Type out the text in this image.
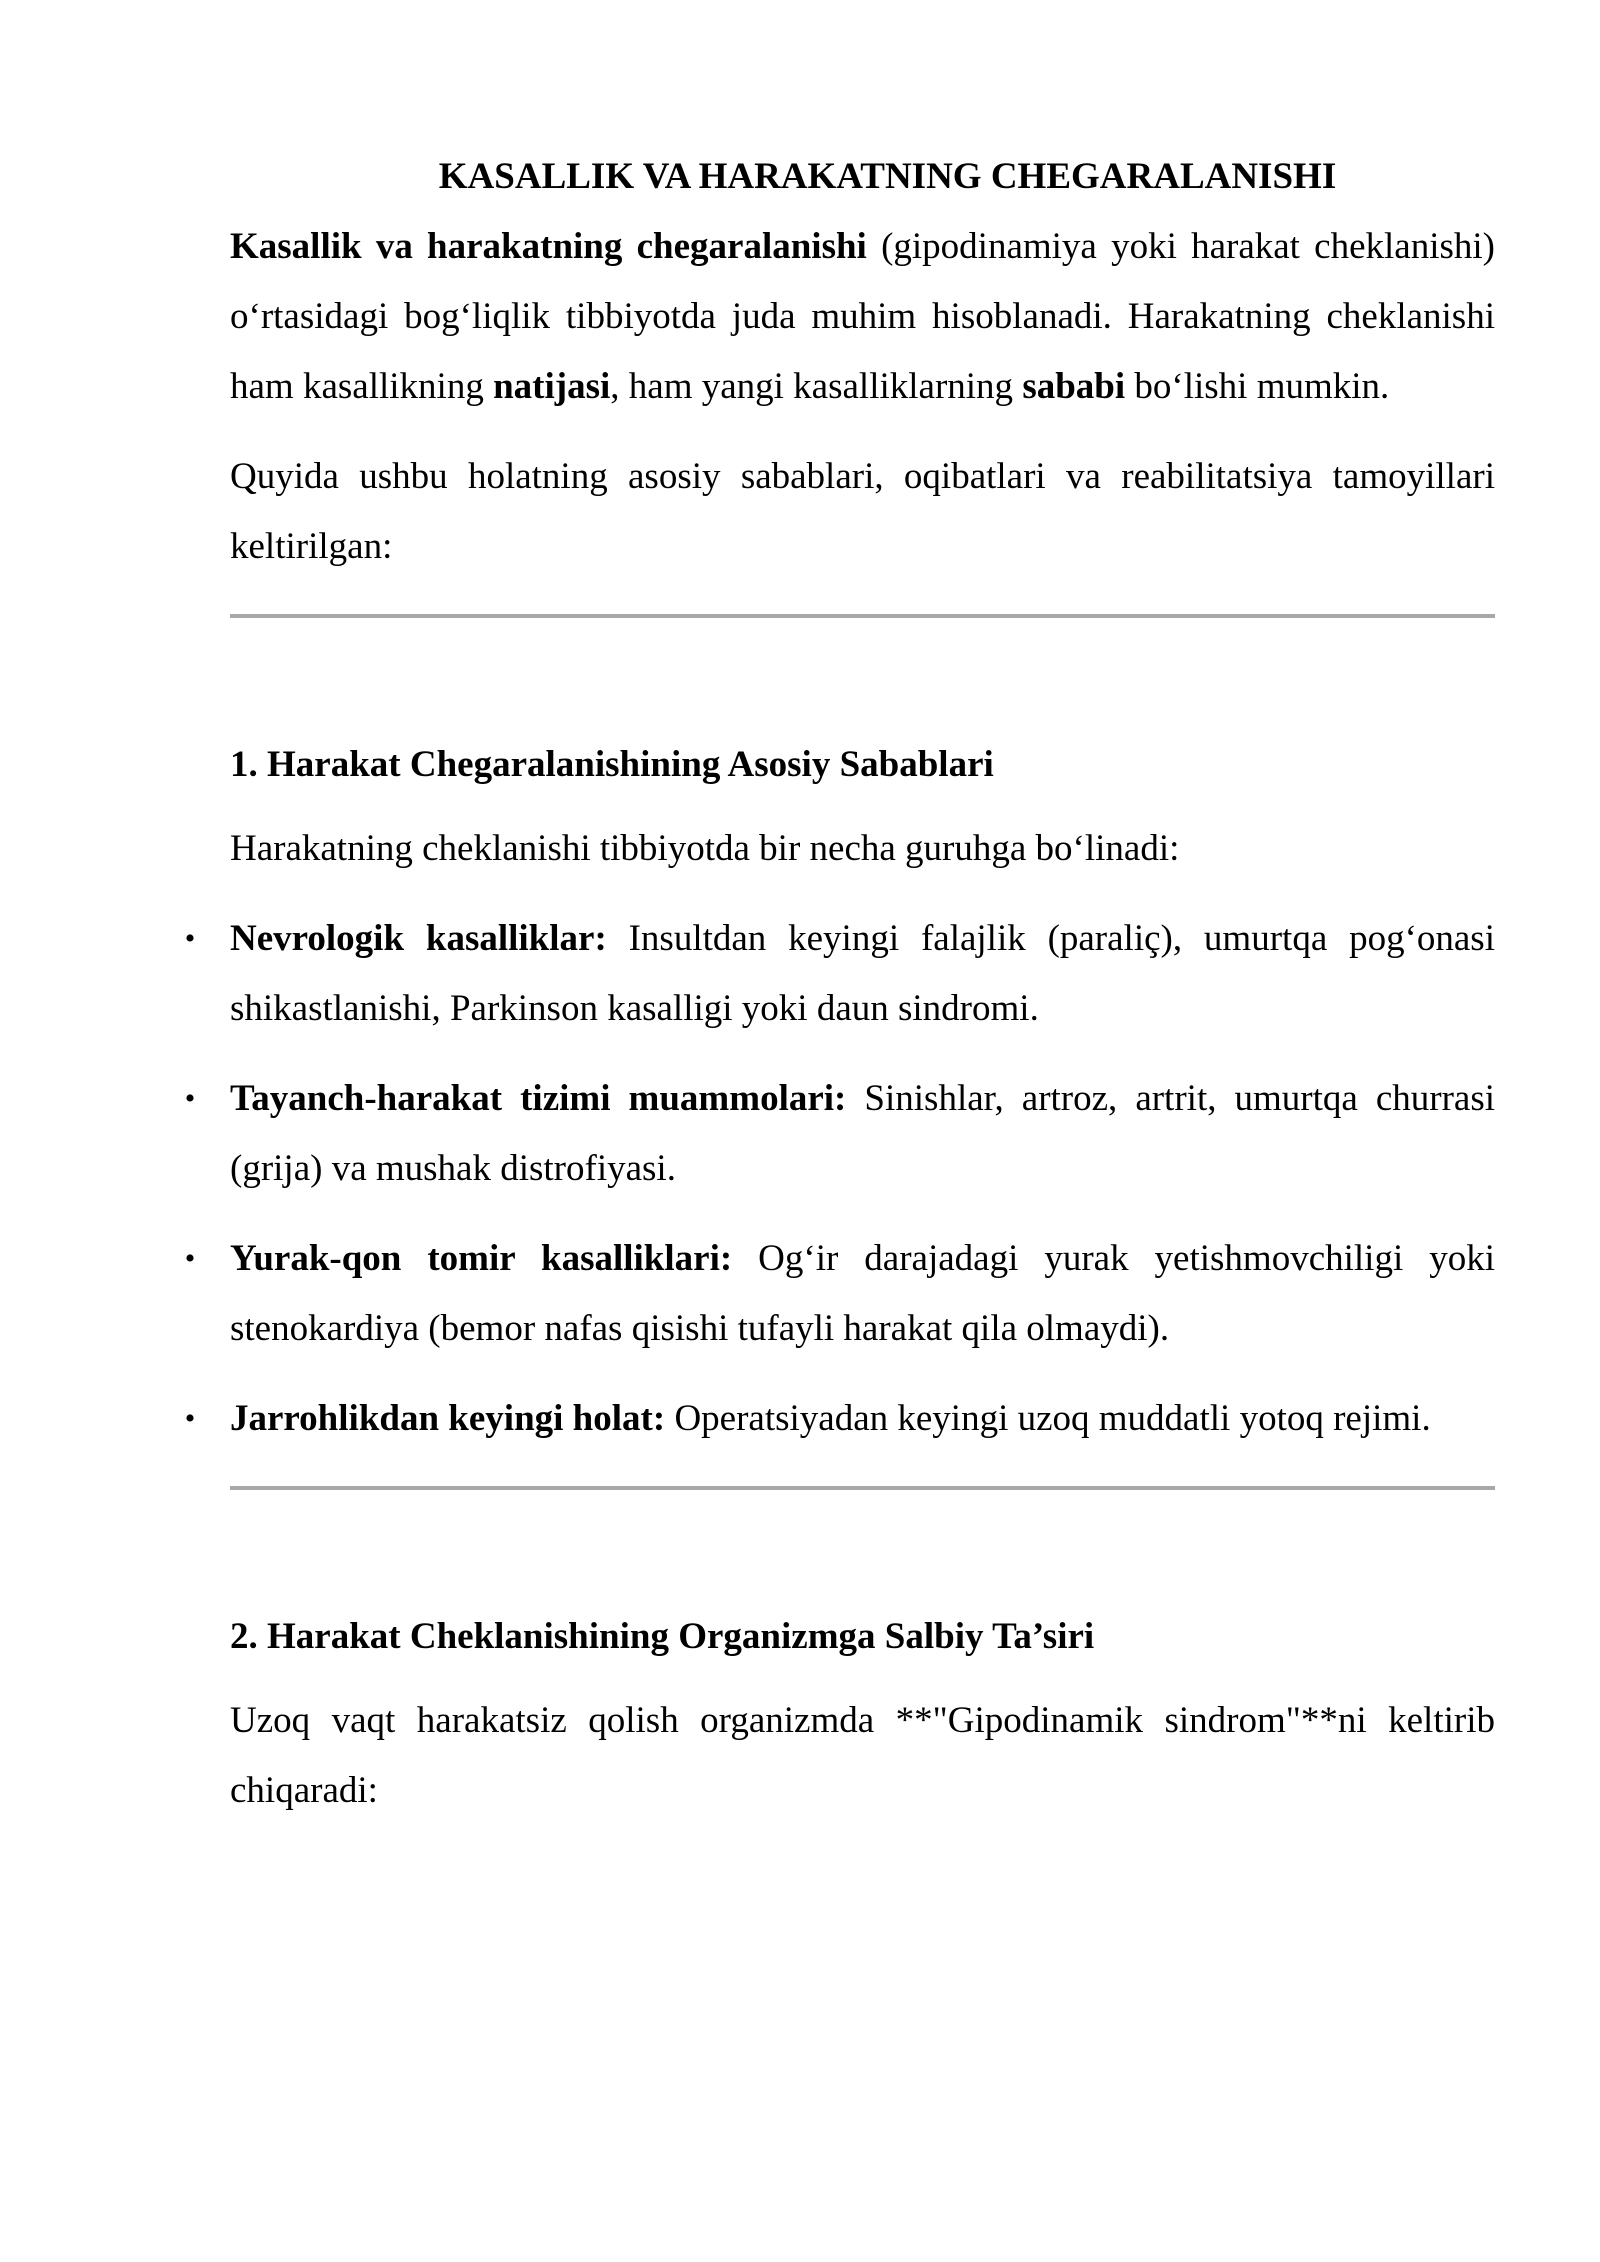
KASALLIK VA HARAKATNING CHEGARALANISHI

Kasallik va harakatning chegaralanishi (gipodinamiya yoki harakat cheklanishi) o‘rtasidagi bog‘liqlik tibbiyotda juda muhim hisoblanadi. Harakatning cheklanishi ham kasallikning natijasi, ham yangi kasalliklarning sababi bo‘lishi mumkin.

Quyida ushbu holatning asosiy sabablari, oqibatlari va reabilitatsiya tamoyillari keltirilgan:

1. Harakat Chegaralanishining Asosiy Sabablari

Harakatning cheklanishi tibbiyotda bir necha guruhga bo‘linadi:

• Nevrologik kasalliklar: Insultdan keyingi falajlik (paraliç), umurtqa pog‘onasi shikastlanishi, Parkinson kasalligi yoki daun sindromi.
• Tayanch-harakat tizimi muammolari: Sinishlar, artroz, artrit, umurtqa churrasi (grija) va mushak distrofiyasi.
• Yurak-qon tomir kasalliklari: Og‘ir darajadagi yurak yetishmovchiligi yoki stenokardiya (bemor nafas qisishi tufayli harakat qila olmaydi).
• Jarrohlikdan keyingi holat: Operatsiyadan keyingi uzoq muddatli yotoq rejimi.
2. Harakat Cheklanishining Organizmga Salbiy Ta’siri

Uzoq vaqt harakatsiz qolish organizmda **"Gipodinamik sindrom"**ni keltirib chiqaradi:
